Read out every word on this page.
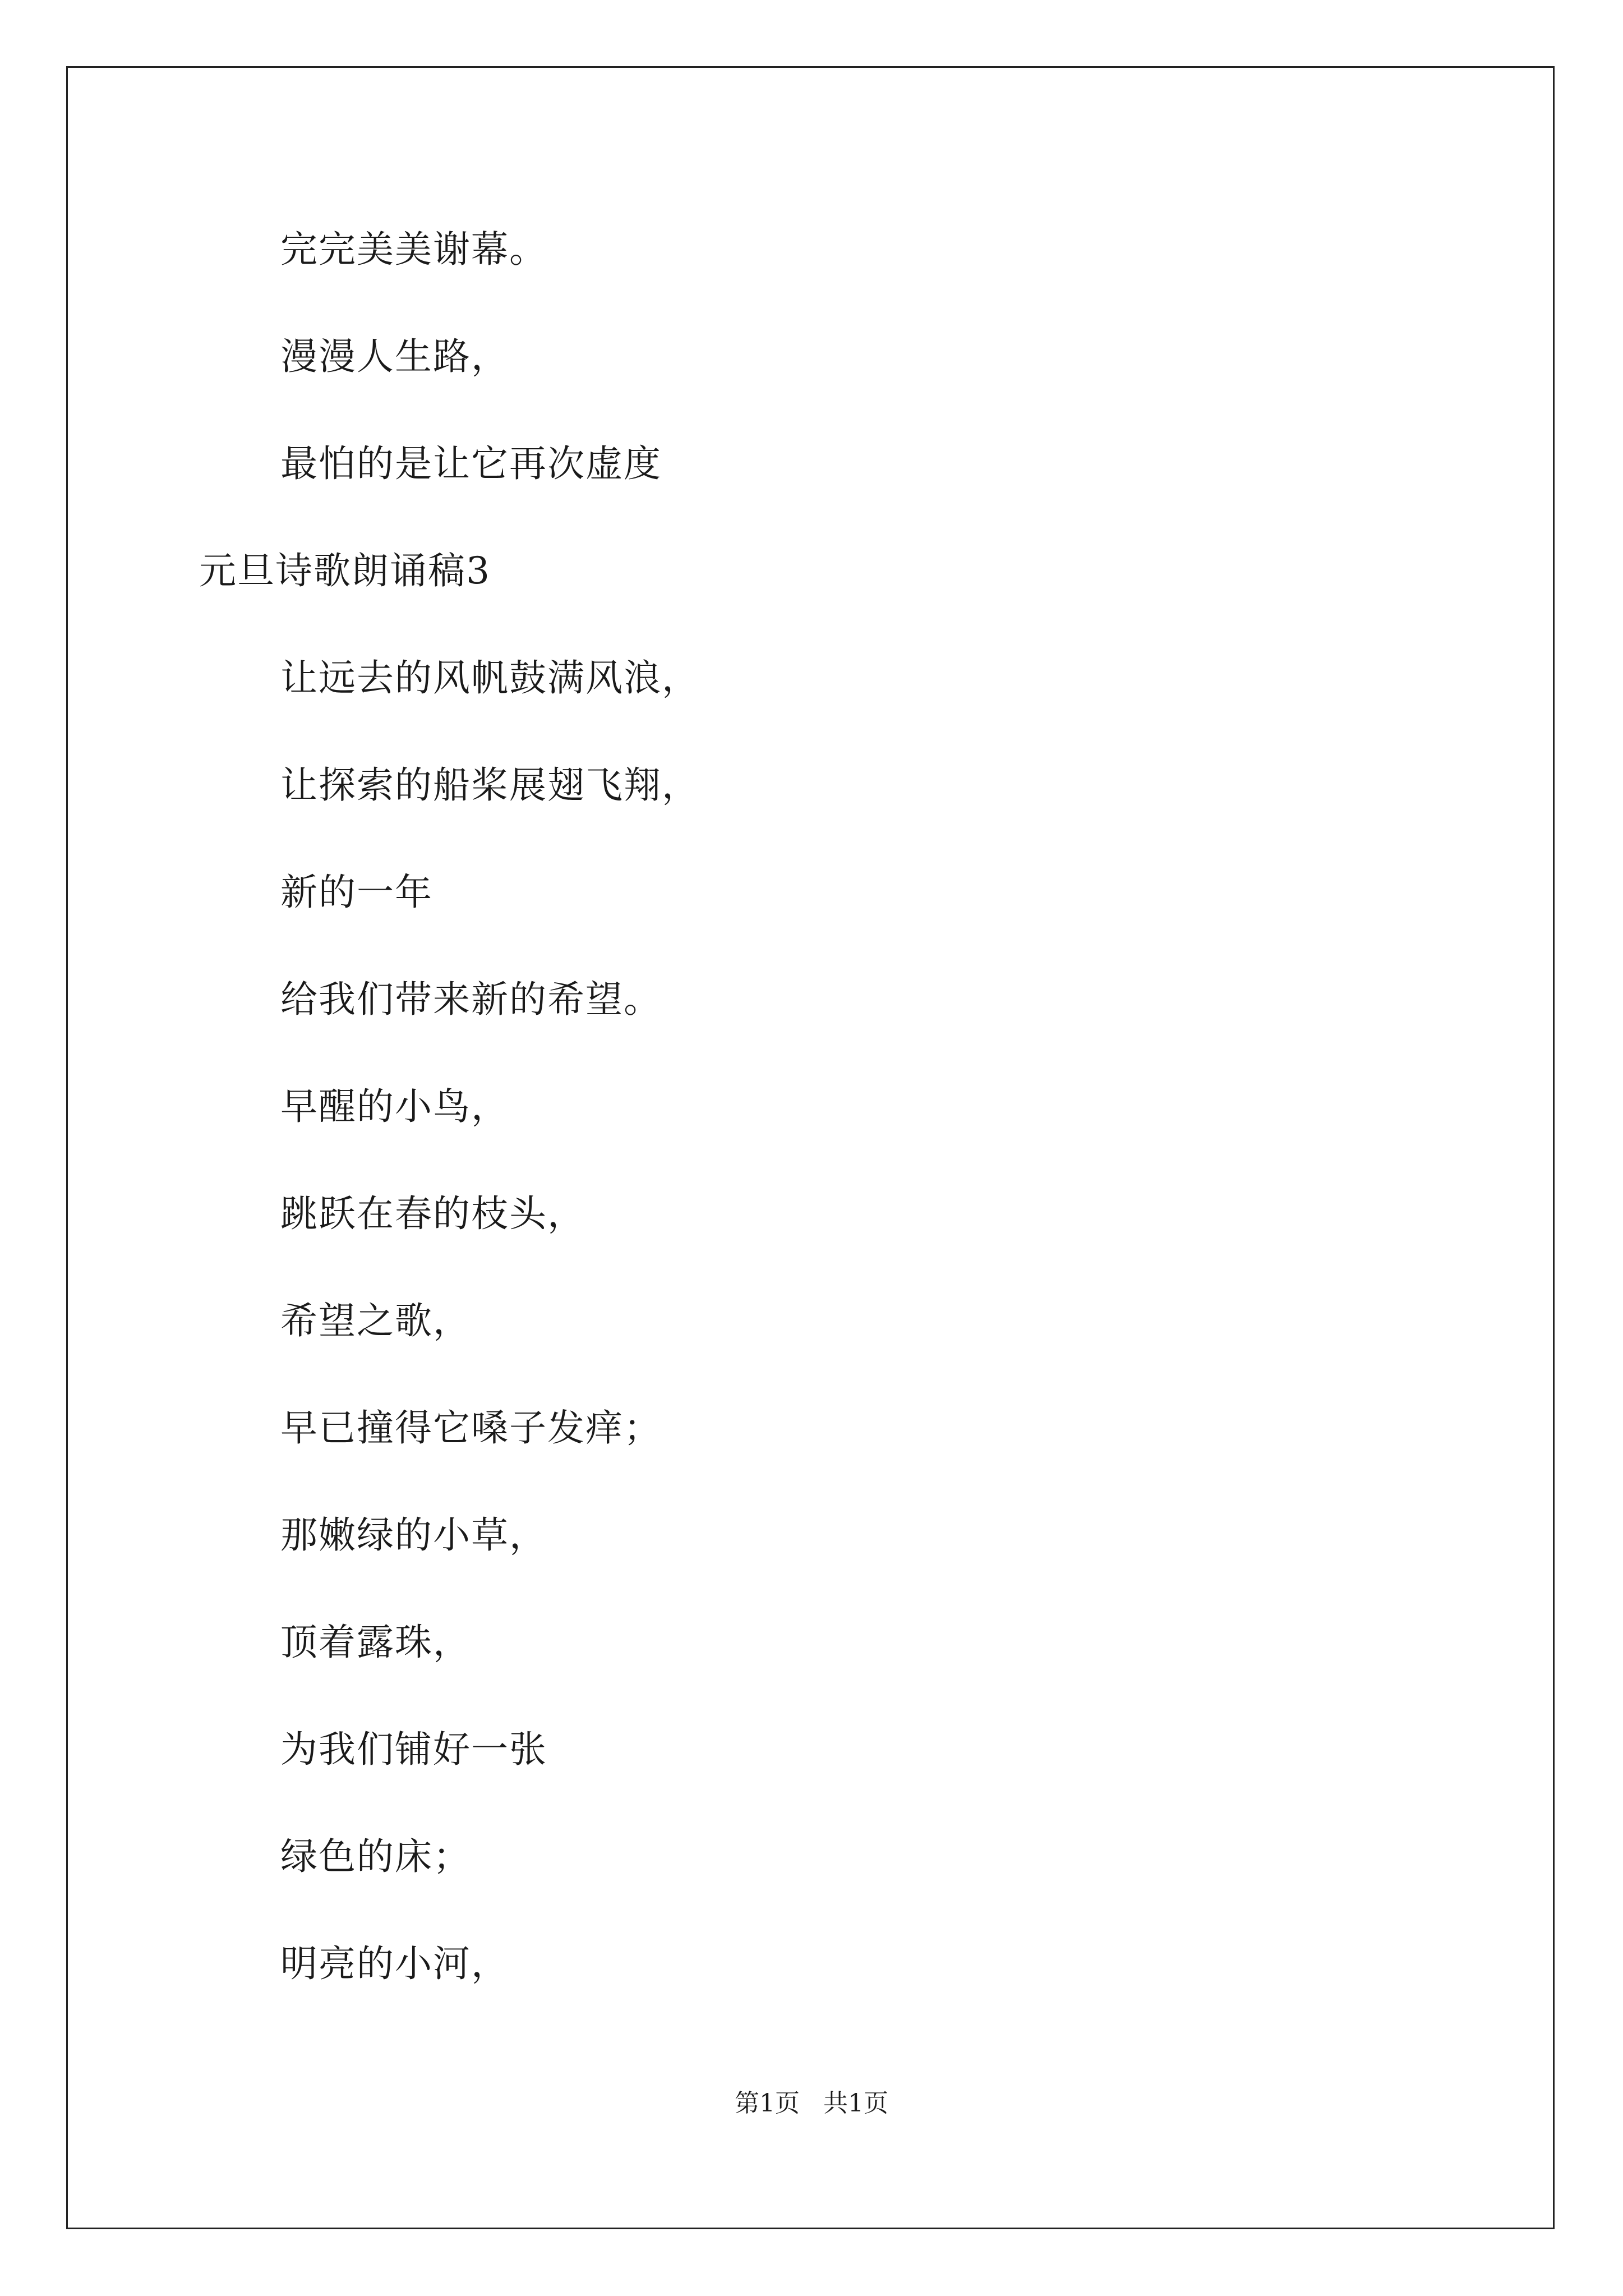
完完美美谢幕。
漫漫人生路，
最怕的是让它再次虚度
元旦诗歌朗诵稿3
让远去的风帆鼓满风浪，
让探索的船桨展翅飞翔，
新的一年
给我们带来新的希望。
早醒的小鸟，
跳跃在春的枝头，
希望之歌，
早已撞得它嗓子发痒；
那嫩绿的小草，
顶着露珠，
为我们铺好一张
绿色的床；
明亮的小河，
第1页   共1页
